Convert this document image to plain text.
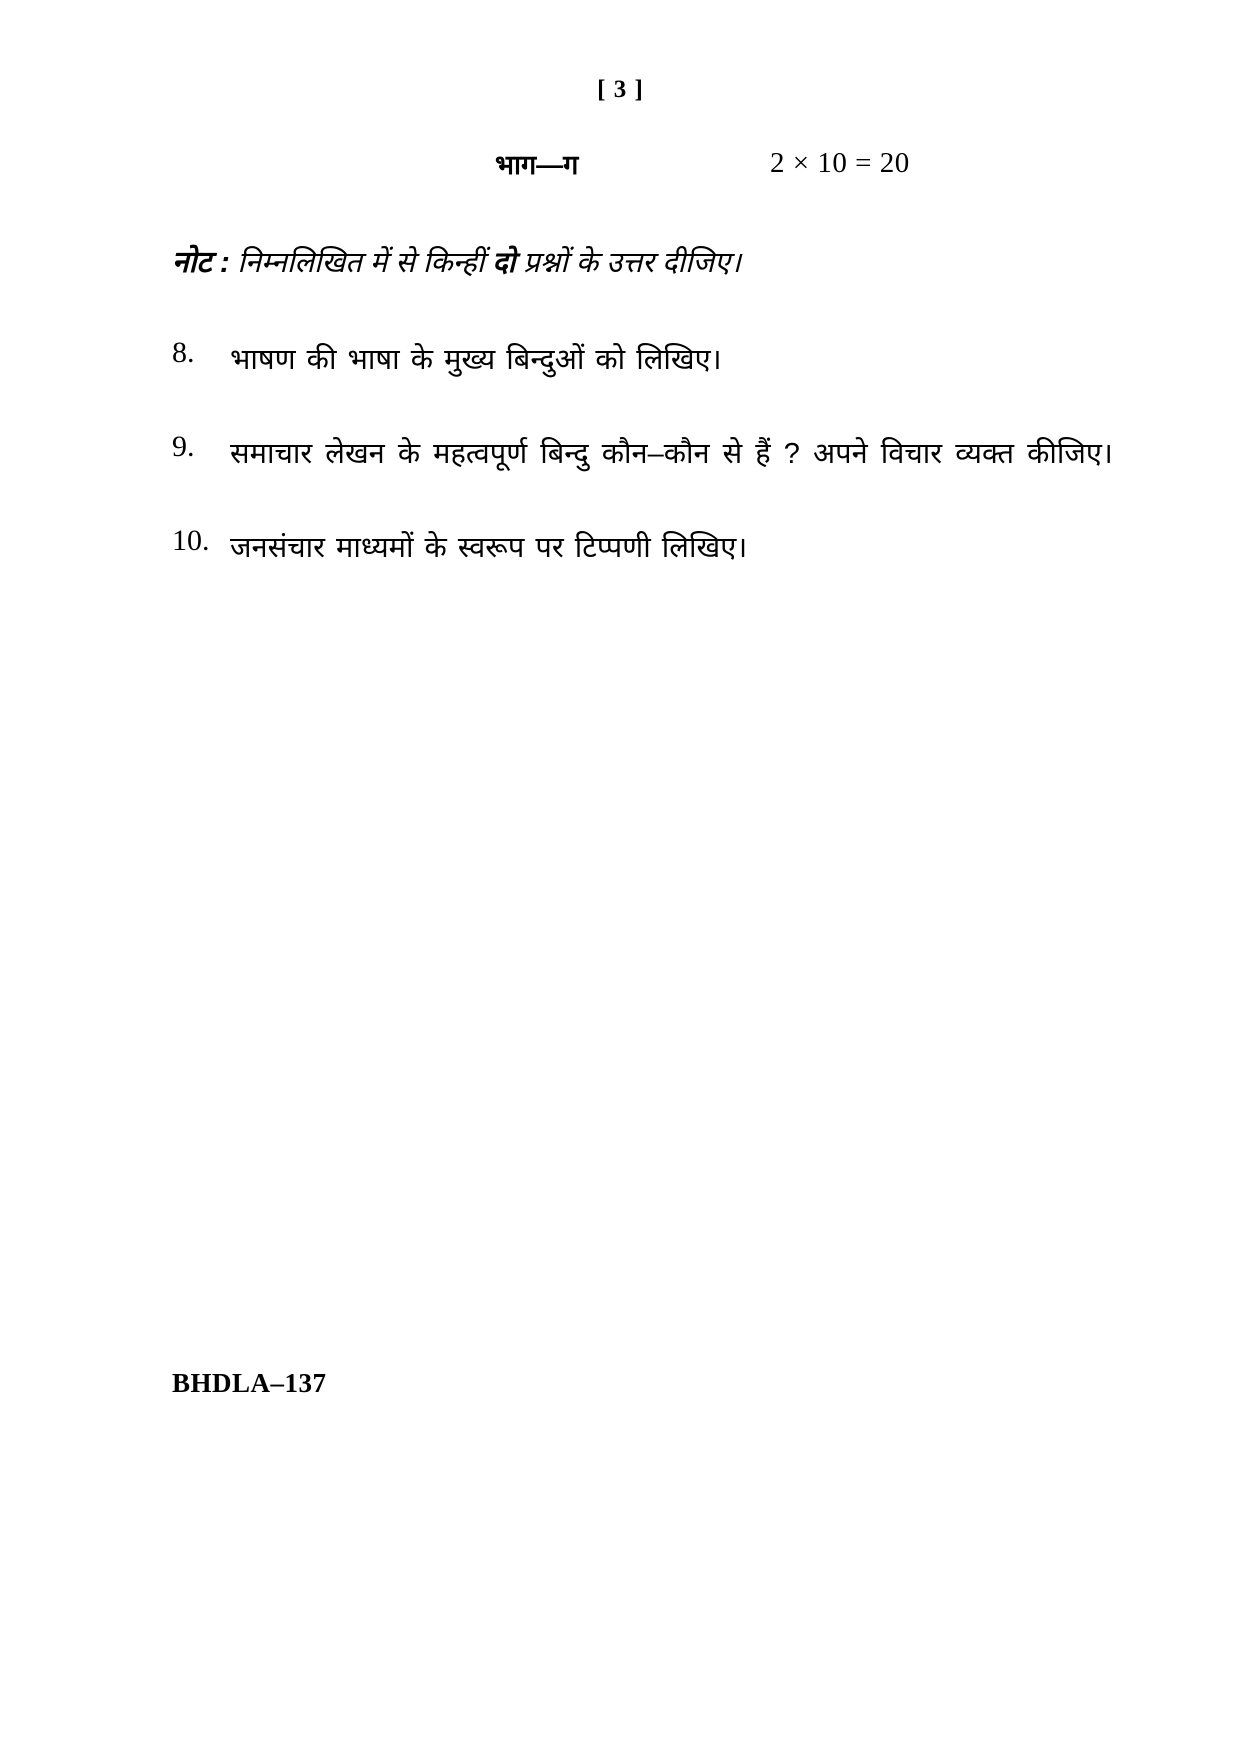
[ 3 ]
भाग—ग	2 × 10 = 20
नोट : निम्नलिखित में से किन्हीं दो प्रश्नों के उत्तर दीजिए।
8.	भाषण की भाषा के मुख्य बिन्दुओं को लिखिए।
9.	समाचार लेखन के महत्वपूर्ण बिन्दु कौन–कौन से हैं ? अपने विचार व्यक्त कीजिए।
10. जनसंचार माध्यमों के स्वरूप पर टिप्पणी लिखिए।
BHDLA–137
